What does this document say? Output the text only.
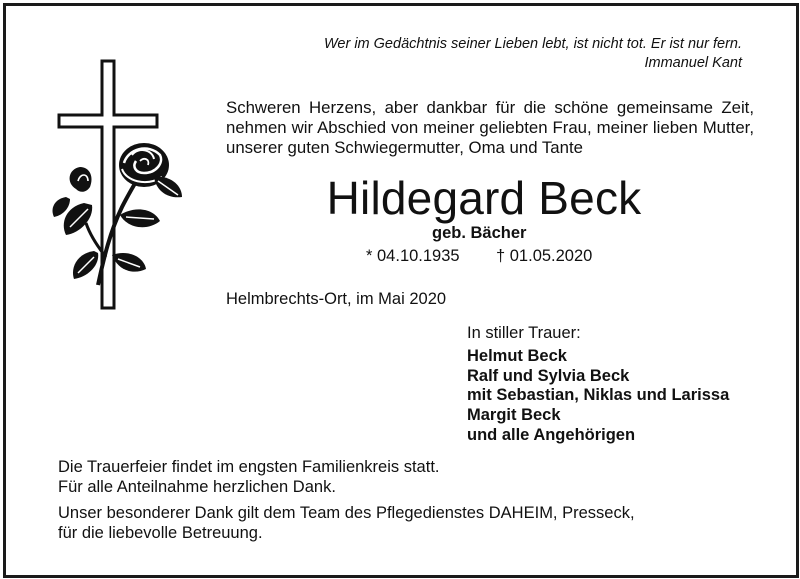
Wer im Gedächtnis seiner Lieben lebt, ist nicht tot. Er ist nur fern.
Immanuel Kant
Schweren Herzens, aber dankbar für die schöne gemeinsame Zeit, nehmen wir Abschied von meiner geliebten Frau, meiner lieben Mutter, unserer guten Schwiegermutter, Oma und Tante
Hildegard Beck
geb. Bächer
* 04.10.1935 † 01.05.2020
Helmbrechts-Ort, im Mai 2020
In stiller Trauer:
Helmut Beck
Ralf und Sylvia Beck
mit Sebastian, Niklas und Larissa
Margit Beck
und alle Angehörigen

Die Trauerfeier findet im engsten Familienkreis statt.

Für alle Anteilnahme herzlichen Dank.

Unser besonderer Dank gilt dem Team des Pflegedienstes DAHEIM, Presseck,

für die liebevolle Betreuung.
